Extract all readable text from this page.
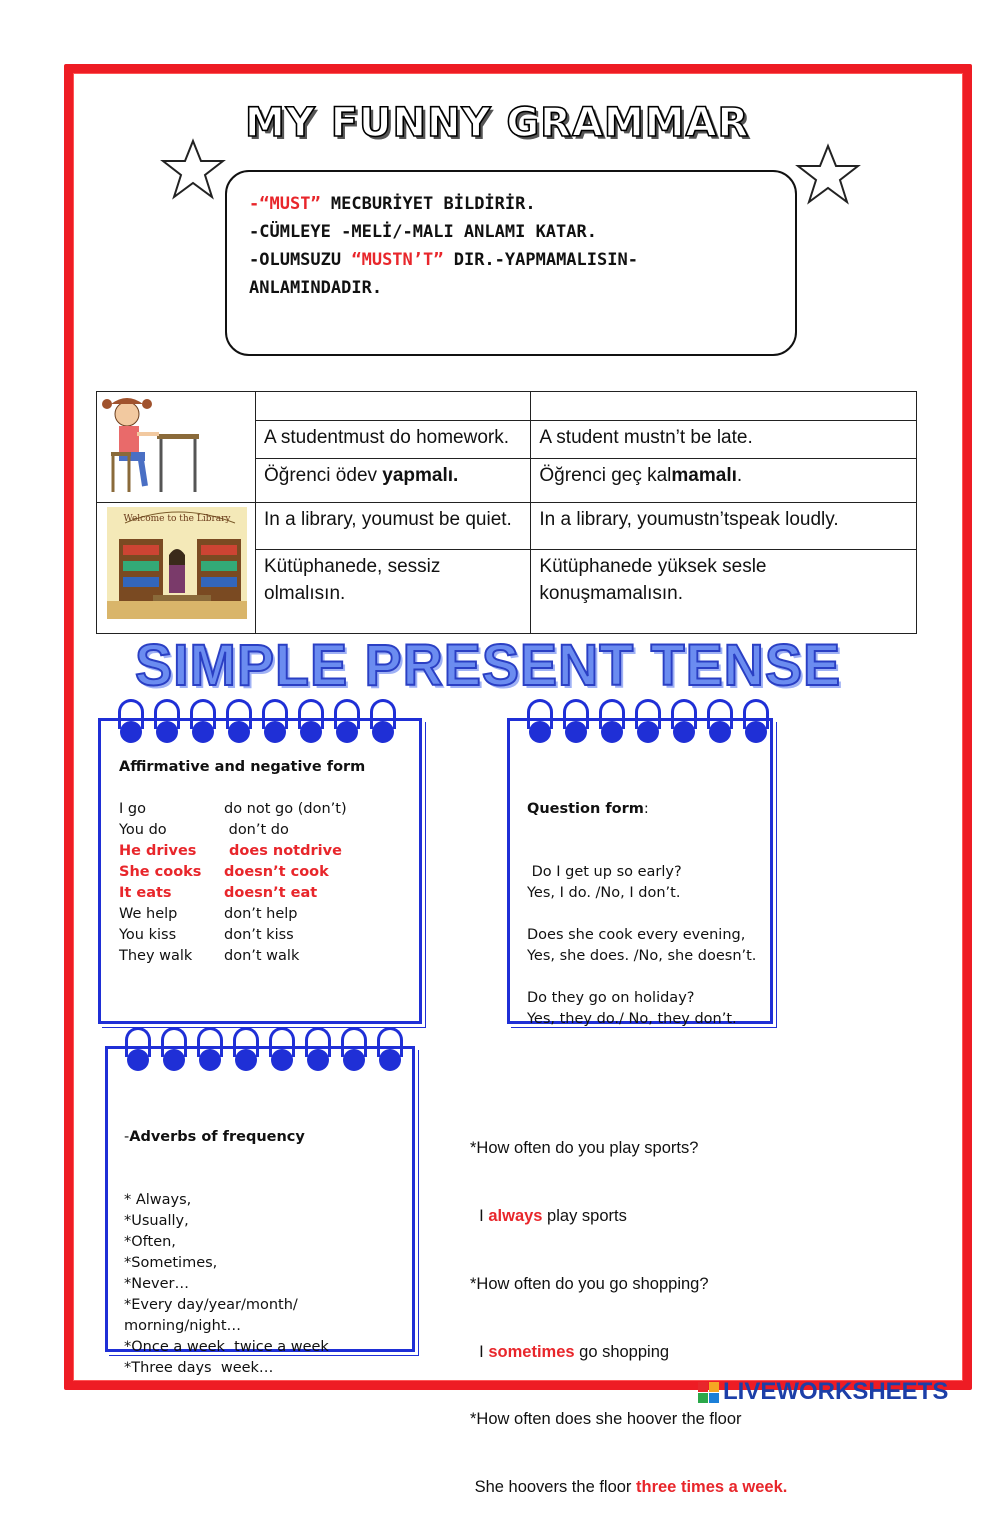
MY FUNNY GRAMMAR
-“MUST” MECBURİYET BİLDİRİR.
-CÜMLEYE -MELİ/-MALI ANLAMI KATAR.
-OLUMSUZU “MUSTN’T” DIR.-YAPMAMALISIN-
ANLAMINDADIR.

	A studentmust do homework.	A student mustn’t be late.
	Öğrenci ödev yapmalı.	Öğrenci geç kalmamalı.

Welcome to the Library	In a library, youmust be quiet.	In a library, youmustn’tspeak loudly.
	Kütüphanede, sessiz olmalısın.	Kütüphanede yüksek sesle konuşmamalısın.
SIMPLE PRESENT TENSE
Affirmative and negative form
I go	do not go (don’t)
You do	don’t do
He drives	does notdrive
She cooks	doesn’t cook
It eats	doesn’t eat
We help	don’t help
You kiss	don’t kiss
They walk	don’t walk

Question form:

Do I get up so early?
Yes, I do. /No, I don’t.
Does she cook every evening,
Yes, she does. /No, she doesn’t.
Do they go on holiday?
Yes, they do./ No, they don’t.

-Adverbs of frequency

* Always,
*Usually,
*Often,
*Sometimes,
*Never…
*Every day/year/month/
morning/night…
*Once a week  twice a week
*Three days  week…

*How often do you play sports?

I always play sports

*How often do you go shopping?

I sometimes go shopping

*How often does she hoover the floor

She hoovers the floor three times a week.

LIVEWORKSHEETS
